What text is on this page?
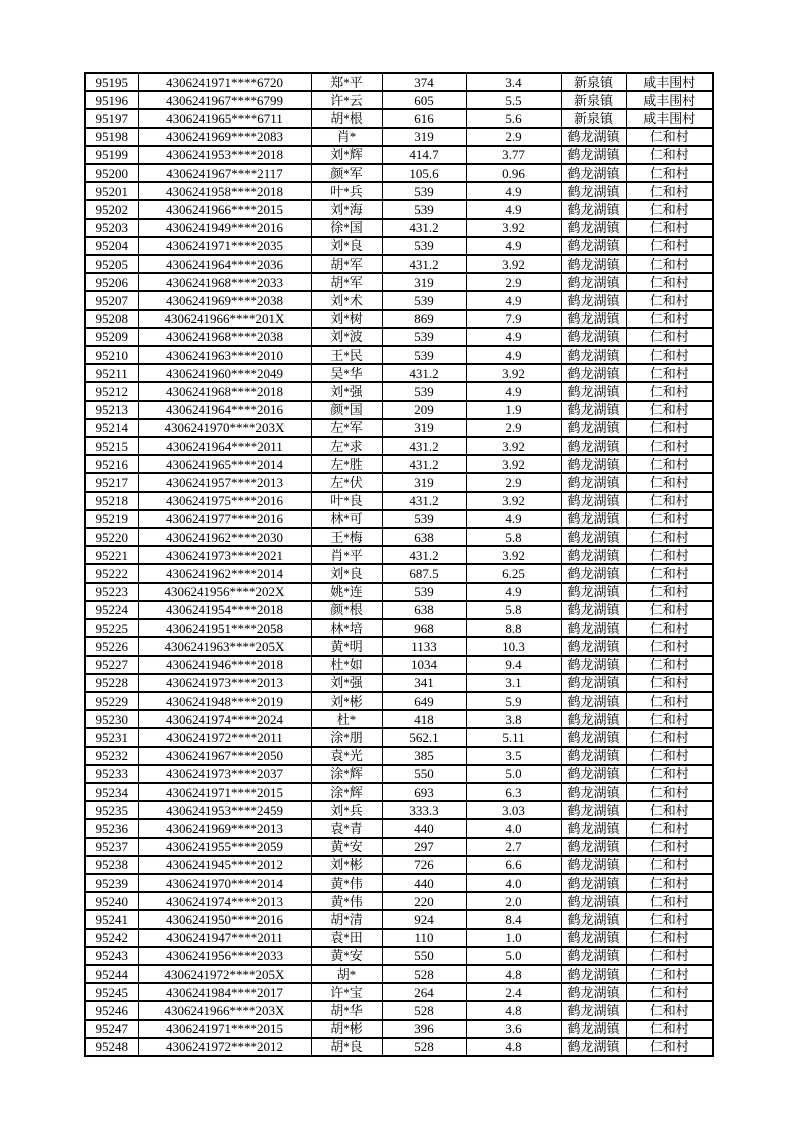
95195	4306241971****6720	郑*平	374	3.4	新泉镇	咸丰围村
95196	4306241967****6799	许*云	605	5.5	新泉镇	咸丰围村
95197	4306241965****6711	胡*根	616	5.6	新泉镇	咸丰围村
95198	4306241969****2083	肖*	319	2.9	鹤龙湖镇	仁和村
95199	4306241953****2018	刘*辉	414.7	3.77	鹤龙湖镇	仁和村
95200	4306241967****2117	颜*军	105.6	0.96	鹤龙湖镇	仁和村
95201	4306241958****2018	叶*兵	539	4.9	鹤龙湖镇	仁和村
95202	4306241966****2015	刘*海	539	4.9	鹤龙湖镇	仁和村
95203	4306241949****2016	徐*国	431.2	3.92	鹤龙湖镇	仁和村
95204	4306241971****2035	刘*良	539	4.9	鹤龙湖镇	仁和村
95205	4306241964****2036	胡*军	431.2	3.92	鹤龙湖镇	仁和村
95206	4306241968****2033	胡*军	319	2.9	鹤龙湖镇	仁和村
95207	4306241969****2038	刘*术	539	4.9	鹤龙湖镇	仁和村
95208	4306241966****201X	刘*树	869	7.9	鹤龙湖镇	仁和村
95209	4306241968****2038	刘*波	539	4.9	鹤龙湖镇	仁和村
95210	4306241963****2010	王*民	539	4.9	鹤龙湖镇	仁和村
95211	4306241960****2049	吴*华	431.2	3.92	鹤龙湖镇	仁和村
95212	4306241968****2018	刘*强	539	4.9	鹤龙湖镇	仁和村
95213	4306241964****2016	颜*国	209	1.9	鹤龙湖镇	仁和村
95214	4306241970****203X	左*军	319	2.9	鹤龙湖镇	仁和村
95215	4306241964****2011	左*求	431.2	3.92	鹤龙湖镇	仁和村
95216	4306241965****2014	左*胜	431.2	3.92	鹤龙湖镇	仁和村
95217	4306241957****2013	左*伏	319	2.9	鹤龙湖镇	仁和村
95218	4306241975****2016	叶*良	431.2	3.92	鹤龙湖镇	仁和村
95219	4306241977****2016	林*可	539	4.9	鹤龙湖镇	仁和村
95220	4306241962****2030	王*梅	638	5.8	鹤龙湖镇	仁和村
95221	4306241973****2021	肖*平	431.2	3.92	鹤龙湖镇	仁和村
95222	4306241962****2014	刘*良	687.5	6.25	鹤龙湖镇	仁和村
95223	4306241956****202X	姚*连	539	4.9	鹤龙湖镇	仁和村
95224	4306241954****2018	颜*根	638	5.8	鹤龙湖镇	仁和村
95225	4306241951****2058	林*培	968	8.8	鹤龙湖镇	仁和村
95226	4306241963****205X	黄*明	1133	10.3	鹤龙湖镇	仁和村
95227	4306241946****2018	杜*如	1034	9.4	鹤龙湖镇	仁和村
95228	4306241973****2013	刘*强	341	3.1	鹤龙湖镇	仁和村
95229	4306241948****2019	刘*彬	649	5.9	鹤龙湖镇	仁和村
95230	4306241974****2024	杜*	418	3.8	鹤龙湖镇	仁和村
95231	4306241972****2011	涂*朋	562.1	5.11	鹤龙湖镇	仁和村
95232	4306241967****2050	袁*光	385	3.5	鹤龙湖镇	仁和村
95233	4306241973****2037	涂*辉	550	5.0	鹤龙湖镇	仁和村
95234	4306241971****2015	涂*辉	693	6.3	鹤龙湖镇	仁和村
95235	4306241953****2459	刘*兵	333.3	3.03	鹤龙湖镇	仁和村
95236	4306241969****2013	袁*青	440	4.0	鹤龙湖镇	仁和村
95237	4306241955****2059	黄*安	297	2.7	鹤龙湖镇	仁和村
95238	4306241945****2012	刘*彬	726	6.6	鹤龙湖镇	仁和村
95239	4306241970****2014	黄*伟	440	4.0	鹤龙湖镇	仁和村
95240	4306241974****2013	黄*伟	220	2.0	鹤龙湖镇	仁和村
95241	4306241950****2016	胡*清	924	8.4	鹤龙湖镇	仁和村
95242	4306241947****2011	袁*田	110	1.0	鹤龙湖镇	仁和村
95243	4306241956****2033	黄*安	550	5.0	鹤龙湖镇	仁和村
95244	4306241972****205X	胡*	528	4.8	鹤龙湖镇	仁和村
95245	4306241984****2017	许*宝	264	2.4	鹤龙湖镇	仁和村
95246	4306241966****203X	胡*华	528	4.8	鹤龙湖镇	仁和村
95247	4306241971****2015	胡*彬	396	3.6	鹤龙湖镇	仁和村
95248	4306241972****2012	胡*良	528	4.8	鹤龙湖镇	仁和村
